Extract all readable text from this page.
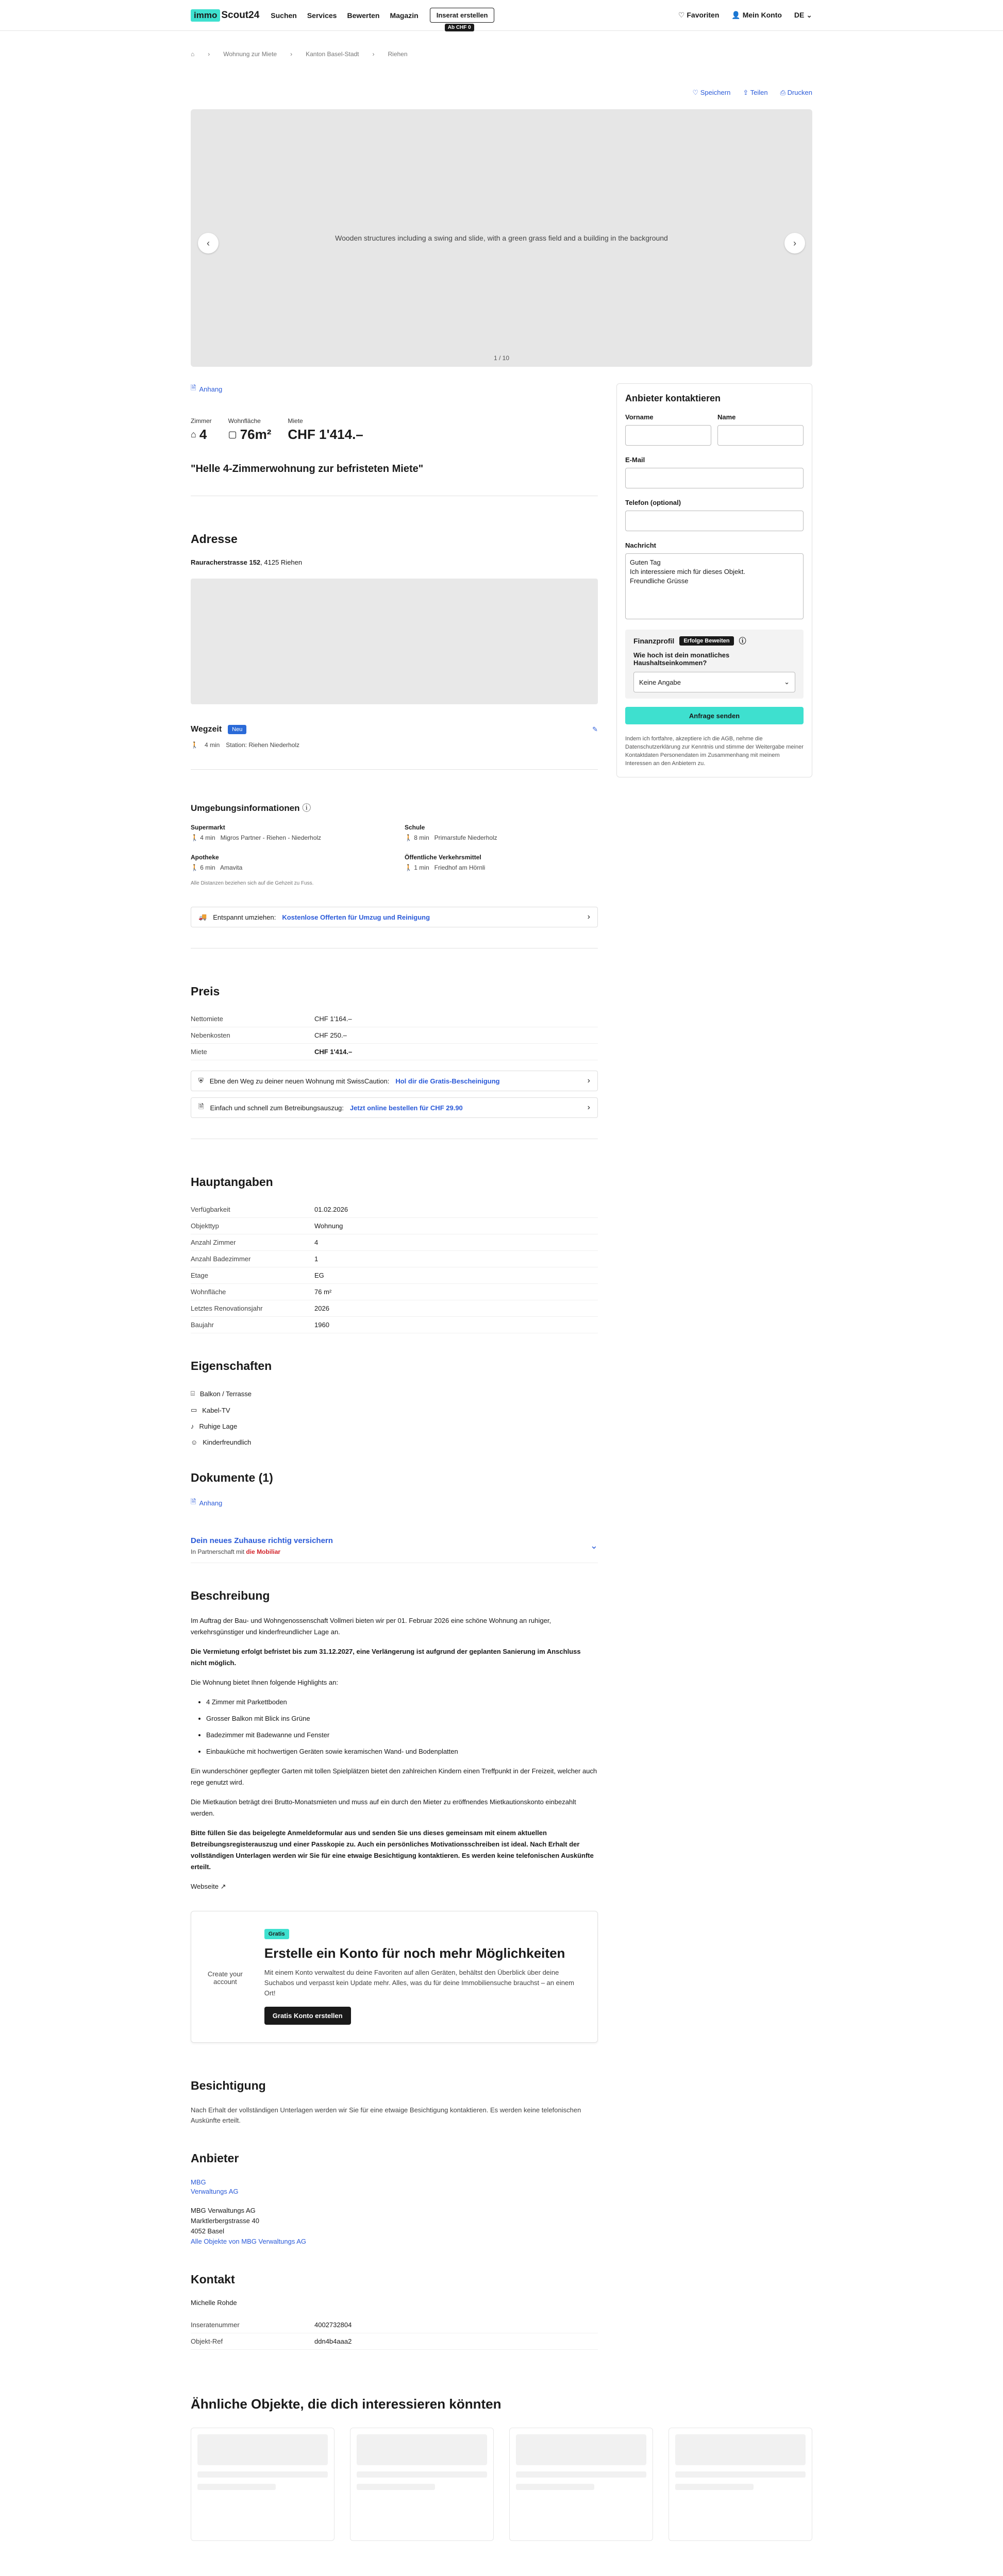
immo Scout24 Suchen Services Bewerten Magazin	Inserat erstellen
Ab CHF 0
♡ Favoriten 👤 Mein Konto DE ⌄
⌂ › Wohnung zur Miete › Kanton Basel-Stadt › Riehen
♡ Speichern ⇪ Teilen ⎙ Drucken
‹	Wooden structures including a swing and slide, with a green grass field and a building in the background	›
1 / 10
🗎 Anhang
Zimmer
⌂ 4
Wohnfläche
▢ 76m²
Miete
CHF 1'414.–
"Helle 4-Zimmerwohnung zur befristeten Miete"
Adresse
Rauracherstrasse 152, 4125 Riehen
Wegzeit	Neu	✎
🚶 4 min Station: Riehen Niederholz
Umgebungsinformationen ⓘ
Supermarkt
🚶 4 min Migros Partner - Riehen - Niederholz
Schule
🚶 8 min Primarstufe Niederholz
Apotheke
🚶 6 min Amavita
Öffentliche Verkehrsmittel
🚶 1 min Friedhof am Hörnli
Alle Distanzen beziehen sich auf die Gehzeit zu Fuss.
🚚 Entspannt umziehen: Kostenlose Offerten für Umzug und Reinigung	›
Preis
Nettomiete	CHF 1'164.–
Nebenkosten	CHF 250.–
Miete	CHF 1'414.–
⛨ Ebne den Weg zu deiner neuen Wohnung mit SwissCaution: Hol dir die Gratis-Bescheinigung	›
🗎 Einfach und schnell zum Betreibungsauszug: Jetzt online bestellen für CHF 29.90	›
Hauptangaben
Verfügbarkeit	01.02.2026
Objekttyp	Wohnung
Anzahl Zimmer	4
Anzahl Badezimmer	1
Etage	EG
Wohnfläche	76 m²
Letztes Renovationsjahr	2026
Baujahr	1960
Eigenschaften
⌸ Balkon / Terrasse
▭ Kabel-TV
♪ Ruhige Lage
☺ Kinderfreundlich
Dokumente (1)
🗎 Anhang
Dein neues Zuhause richtig versichern
In Partnerschaft mit die Mobiliar
⌄
Beschreibung

Im Auftrag der Bau- und Wohngenossenschaft Vollmeri bieten wir per 01. Februar 2026 eine schöne Wohnung an ruhiger, verkehrsgünstiger und kinderfreundlicher Lage an.

Die Vermietung erfolgt befristet bis zum 31.12.2027, eine Verlängerung ist aufgrund der geplanten Sanierung im Anschluss nicht möglich.

Die Wohnung bietet Ihnen folgende Highlights an:

• 4 Zimmer mit Parkettboden
• Grosser Balkon mit Blick ins Grüne
• Badezimmer mit Badewanne und Fenster
• Einbauküche mit hochwertigen Geräten sowie keramischen Wand- und Bodenplatten

Ein wunderschöner gepflegter Garten mit tollen Spielplätzen bietet den zahlreichen Kindern einen Treffpunkt in der Freizeit, welcher auch rege genutzt wird.

Die Mietkaution beträgt drei Brutto-Monatsmieten und muss auf ein durch den Mieter zu eröffnendes Mietkautionskonto einbezahlt werden.

Bitte füllen Sie das beigelegte Anmeldeformular aus und senden Sie uns dieses gemeinsam mit einem aktuellen Betreibungsregisterauszug und einer Passkopie zu. Auch ein persönliches Motivationsschreiben ist ideal. Nach Erhalt der vollständigen Unterlagen werden wir Sie für eine etwaige Besichtigung kontaktieren. Es werden keine telefonischen Auskünfte erteilt.

Webseite ↗

Create your account
Gratis
Erstelle ein Konto für noch mehr Möglichkeiten
Mit einem Konto verwaltest du deine Favoriten auf allen Geräten, behältst den Überblick über deine Suchabos und verpasst kein Update mehr. Alles, was du für deine Immobiliensuche brauchst – an einem Ort!
Gratis Konto erstellen
Besichtigung
Nach Erhalt der vollständigen Unterlagen werden wir Sie für eine etwaige Besichtigung kontaktieren. Es werden keine telefonischen Auskünfte erteilt.
Anbieter
MBG
Verwaltungs AG
MBG Verwaltungs AG
Marktlerbergstrasse 40
4052 Basel
Alle Objekte von MBG Verwaltungs AG
Kontakt
Michelle Rohde
Inseratenummer	4002732804
Objekt-Ref	ddn4b4aaa2
Anbieter kontaktieren
Vorname	Name
E-Mail
Telefon (optional)
Nachricht
Guten Tag
Ich interessiere mich für dieses Objekt.
Freundliche Grüsse
Finanzprofil	Erfolge Beweiten	ⓘ
Wie hoch ist dein monatliches Haushaltseinkommen?
Keine Angabe	⌄
Anfrage senden
Indem ich fortfahre, akzeptiere ich die AGB, nehme die Datenschutzerklärung zur Kenntnis und stimme der Weitergabe meiner Kontaktdaten Personendaten im Zusammenhang mit meinem Interessen an den Anbietern zu.
Ähnliche Objekte, die dich interessieren könnten
